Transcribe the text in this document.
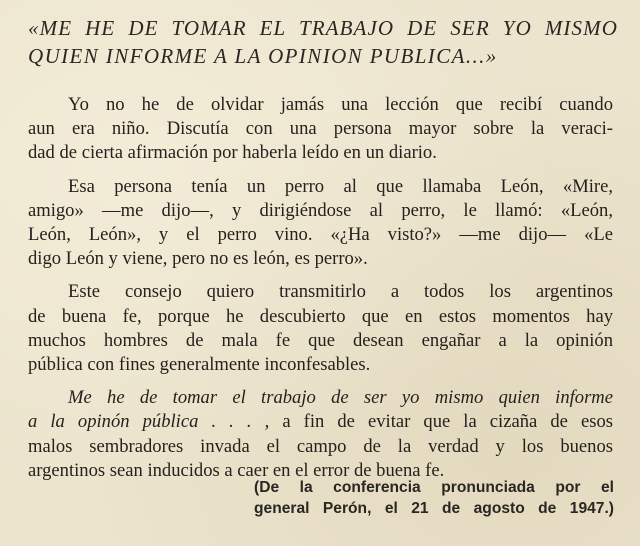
«ME HE DE TOMAR EL TRABAJO DE SER YO MISMO
QUIEN INFORME A LA OPINION PUBLICA...»
Yo no he de olvidar jamás una lección que recibí cuando
aun era niño. Discutía con una persona mayor sobre la veraci-
dad de cierta afirmación por haberla leído en un diario.
Esa persona tenía un perro al que llamaba León, «Mire,
amigo» —me dijo—, y dirigiéndose al perro, le llamó: «León,
León, León», y el perro vino. «¿Ha visto?» —me dijo— «Le
digo León y viene, pero no es león, es perro».
Este consejo quiero transmitirlo a todos los argentinos
de buena fe, porque he descubierto que en estos momentos hay
muchos hombres de mala fe que desean engañar a la opinión
pública con fines generalmente inconfesables.
Me he de tomar el trabajo de ser yo mismo quien informe
a la opinón pública . . . , a fin de evitar que la cizaña de esos
malos sembradores invada el campo de la verdad y los buenos
argentinos sean inducidos a caer en el error de buena fe.
(De la conferencia pronunciada por el
general Perón, el 21 de agosto de 1947.)
